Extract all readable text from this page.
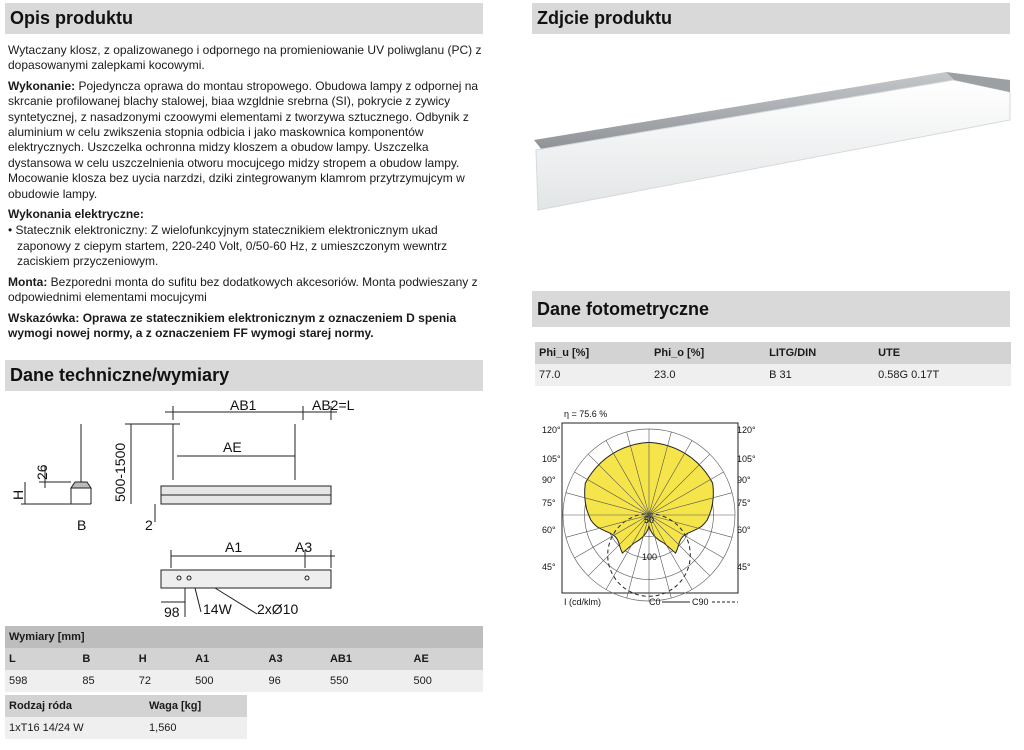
Opis produktu

Wytaczany klosz, z opalizowanego i odpornego na promieniowanie UV poliwglanu (PC) z dopasowanymi zalepkami kocowymi.

Wykonanie: Pojedyncza oprawa do montau stropowego. Obudowa lampy z odpornej na skrcanie profilowanej blachy stalowej, biaa wzgldnie srebrna (SI), pokrycie z zywicy syntetycznej, z nasadzonymi czoowymi elementami z tworzywa sztucznego. Odbynik z aluminium w celu zwikszenia stopnia odbicia i jako maskownica komponentów elektrycznych. Uszczelka ochronna midzy kloszem a obudow lampy. Uszczelka dystansowa w celu uszczelnienia otworu mocujcego midzy stropem a obudow lampy. Mocowanie klosza bez uycia narzdzi, dziki zintegrowanym klamrom przytrzymujcym w obudowie lampy.

Wykonania elektryczne:

• Statecznik elektroniczny: Z wielofunkcyjnym statecznikiem elektronicznym ukad zaponowy z ciepym startem, 220-240 Volt, 0/50-60 Hz, z umieszczonym wewntrz zaciskiem przyczeniowym.

Monta: Bezporedni monta do sufitu bez dodatkowych akcesoriów. Monta podwieszany z odpowiednimi elementami mocujcymi

Wskazówka: Oprawa ze statecznikiem elektronicznym z oznaczeniem D spenia wymogi nowej normy, a z oznaczeniem FF wymogi starej normy.

Dane techniczne/wymiary
AB1	AB2=L
AE
A1	A3
B	2
98 14W 2xØ10
500-1500
26
H
Wymiary [mm]						
L	B	H	A1	A3	AB1	AE
598	85	72	500	96	550	500
Rodzaj róda	Waga [kg]
1xT16 14/24 W	1,560
Zdjcie produktu
Dane fotometryczne
Phi_u [%]	Phi_o [%]	LITG/DIN	UTE
77.0	23.0	B 31	0.58G 0.17T
120°	120°
105°	105°
90°	90°
75°	75°
60°	60°
45°	45°
η = 75.6 %
50
100
I (cd/klm)	C0	C90
